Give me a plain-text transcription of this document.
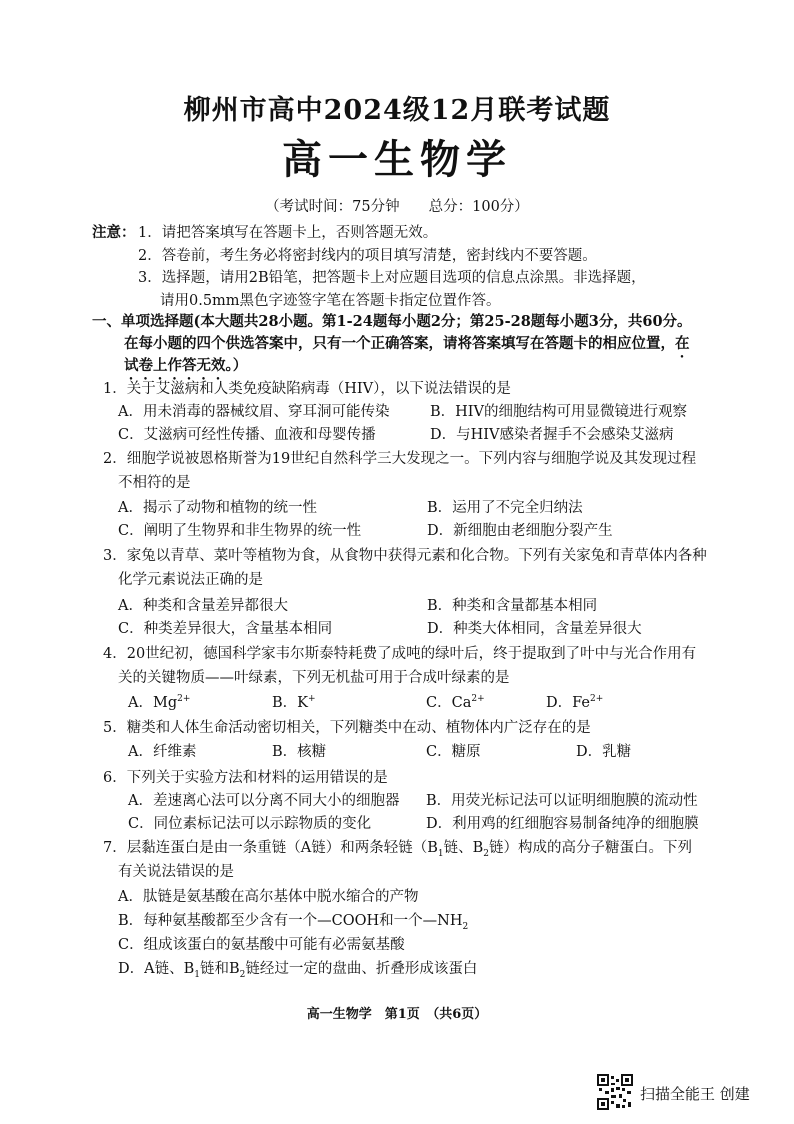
柳州市高中2024级12月联考试题
高一生物学
（考试时间：75分钟　　总分：100分）
注意： 1．请把答案填写在答题卡上，否则答题无效。
2．答卷前，考生务必将密封线内的项目填写清楚，密封线内不要答题。
3．选择题，请用2B铅笔，把答题卡上对应题目选项的信息点涂黑。非选择题，
请用0.5mm黑色字迹签字笔在答题卡指定位置作答。
一、单项选择题(本大题共28小题。第1-24题每小题2分；第25-28题每小题3分，共60分。
在每小题的四个供选答案中，只有一个正确答案，请将答案填写在答题卡的相应位置，在
试卷上作答无效。）
1．关于艾滋病和人类免疫缺陷病毒（HIV），以下说法错误的是
A．用未消毒的器械纹眉、穿耳洞可能传染	B．HIV的细胞结构可用显微镜进行观察
C．艾滋病可经性传播、血液和母婴传播	D．与HIV感染者握手不会感染艾滋病
2．细胞学说被恩格斯誉为19世纪自然科学三大发现之一。下列内容与细胞学说及其发现过程
不相符的是
A．揭示了动物和植物的统一性	B．运用了不完全归纳法
C．阐明了生物界和非生物界的统一性	D．新细胞由老细胞分裂产生
3．家兔以青草、菜叶等植物为食，从食物中获得元素和化合物。下列有关家兔和青草体内各种
化学元素说法正确的是
A．种类和含量差异都很大	B．种类和含量都基本相同
C．种类差异很大，含量基本相同	D．种类大体相同，含量差异很大
4．20世纪初，德国科学家韦尔斯泰特耗费了成吨的绿叶后，终于提取到了叶中与光合作用有
关的关键物质——叶绿素，下列无机盐可用于合成叶绿素的是
A．$Mg^{2+}$	B．K+	C．$Ca^{2+}$	D．$Fe^{2+}$
5．糖类和人体生命活动密切相关，下列糖类中在动、植物体内广泛存在的是
A．纤维素	B．核糖	C．糖原	D．乳糖
6．下列关于实验方法和材料的运用错误的是
A．差速离心法可以分离不同大小的细胞器 B．用荧光标记法可以证明细胞膜的流动性
C．同位素标记法可以示踪物质的变化	D．利用鸡的红细胞容易制备纯净的细胞膜
7．层黏连蛋白是由一条重链（A链）和两条轻链（$B_1$链、$B_2$链）构成的高分子糖蛋白。下列
有关说法错误的是
A．肽链是氨基酸在高尔基体中脱水缩合的产物
B．每种氨基酸都至少含有一个—COOH和一个$—NH_2$
C．组成该蛋白的氨基酸中可能有必需氨基酸
D．A链、$B_1$链和$B_2$链经过一定的盘曲、折叠形成该蛋白
高一生物学　第1页　（共6页）
扫描全能王 创建
